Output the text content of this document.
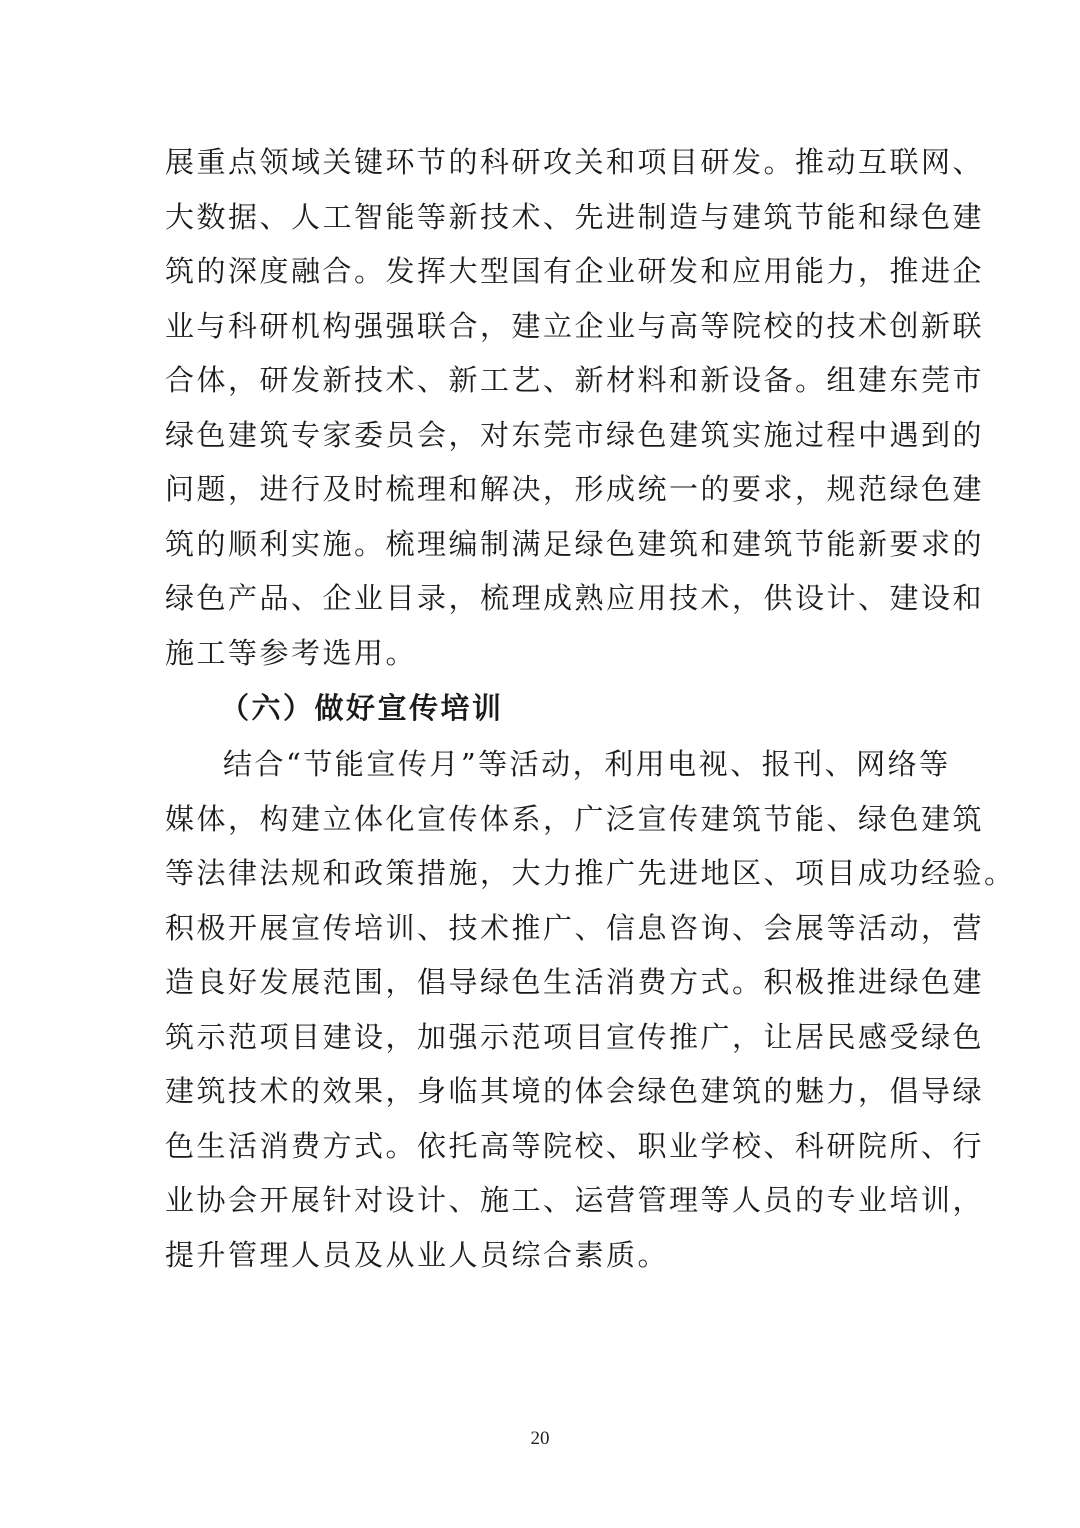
展重点领域关键环节的科研攻关和项目研发。推动互联网、
大数据、人工智能等新技术、先进制造与建筑节能和绿色建
筑的深度融合。发挥大型国有企业研发和应用能力，推进企
业与科研机构强强联合，建立企业与高等院校的技术创新联
合体，研发新技术、新工艺、新材料和新设备。组建东莞市
绿色建筑专家委员会，对东莞市绿色建筑实施过程中遇到的
问题，进行及时梳理和解决，形成统一的要求，规范绿色建
筑的顺利实施。梳理编制满足绿色建筑和建筑节能新要求的
绿色产品、企业目录，梳理成熟应用技术，供设计、建设和
施工等参考选用。

（六）做好宣传培训

结合“节能宣传月”等活动，利用电视、报刊、网络等
媒体，构建立体化宣传体系，广泛宣传建筑节能、绿色建筑
等法律法规和政策措施，大力推广先进地区、项目成功经验。
积极开展宣传培训、技术推广、信息咨询、会展等活动，营
造良好发展范围，倡导绿色生活消费方式。积极推进绿色建
筑示范项目建设，加强示范项目宣传推广，让居民感受绿色
建筑技术的效果，身临其境的体会绿色建筑的魅力，倡导绿
色生活消费方式。依托高等院校、职业学校、科研院所、行
业协会开展针对设计、施工、运营管理等人员的专业培训，
提升管理人员及从业人员综合素质。

20
